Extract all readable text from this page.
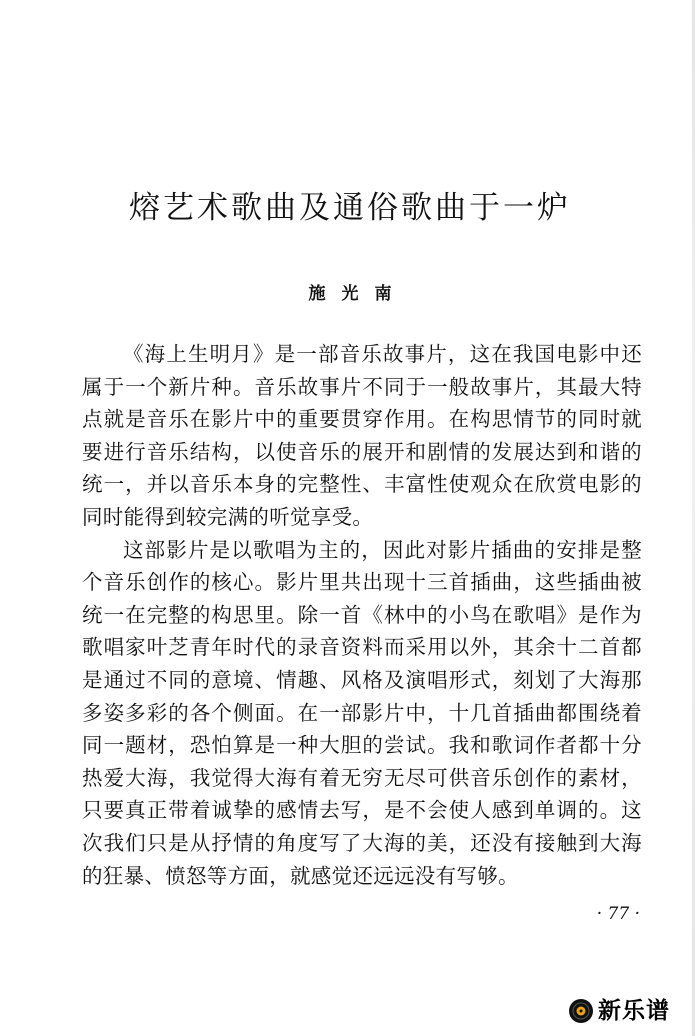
熔艺术歌曲及通俗歌曲于一炉

施光南

《海上生明月》是一部音乐故事片，这在我国电影中还属于一个新片种。音乐故事片不同于一般故事片，其最大特点就是音乐在影片中的重要贯穿作用。在构思情节的同时就要进行音乐结构，以使音乐的展开和剧情的发展达到和谐的统一，并以音乐本身的完整性、丰富性使观众在欣赏电影的同时能得到较完满的听觉享受。

这部影片是以歌唱为主的，因此对影片插曲的安排是整个音乐创作的核心。影片里共出现十三首插曲，这些插曲被统一在完整的构思里。除一首《林中的小鸟在歌唱》是作为歌唱家叶芝青年时代的录音资料而采用以外，其余十二首都是通过不同的意境、情趣、风格及演唱形式，刻划了大海那多姿多彩的各个侧面。在一部影片中，十几首插曲都围绕着同一题材，恐怕算是一种大胆的尝试。我和歌词作者都十分热爱大海，我觉得大海有着无穷无尽可供音乐创作的素材，只要真正带着诚挚的感情去写，是不会使人感到单调的。这次我们只是从抒情的角度写了大海的美，还没有接触到大海的狂暴、愤怒等方面，就感觉还远远没有写够。

· 77 ·

新乐谱
